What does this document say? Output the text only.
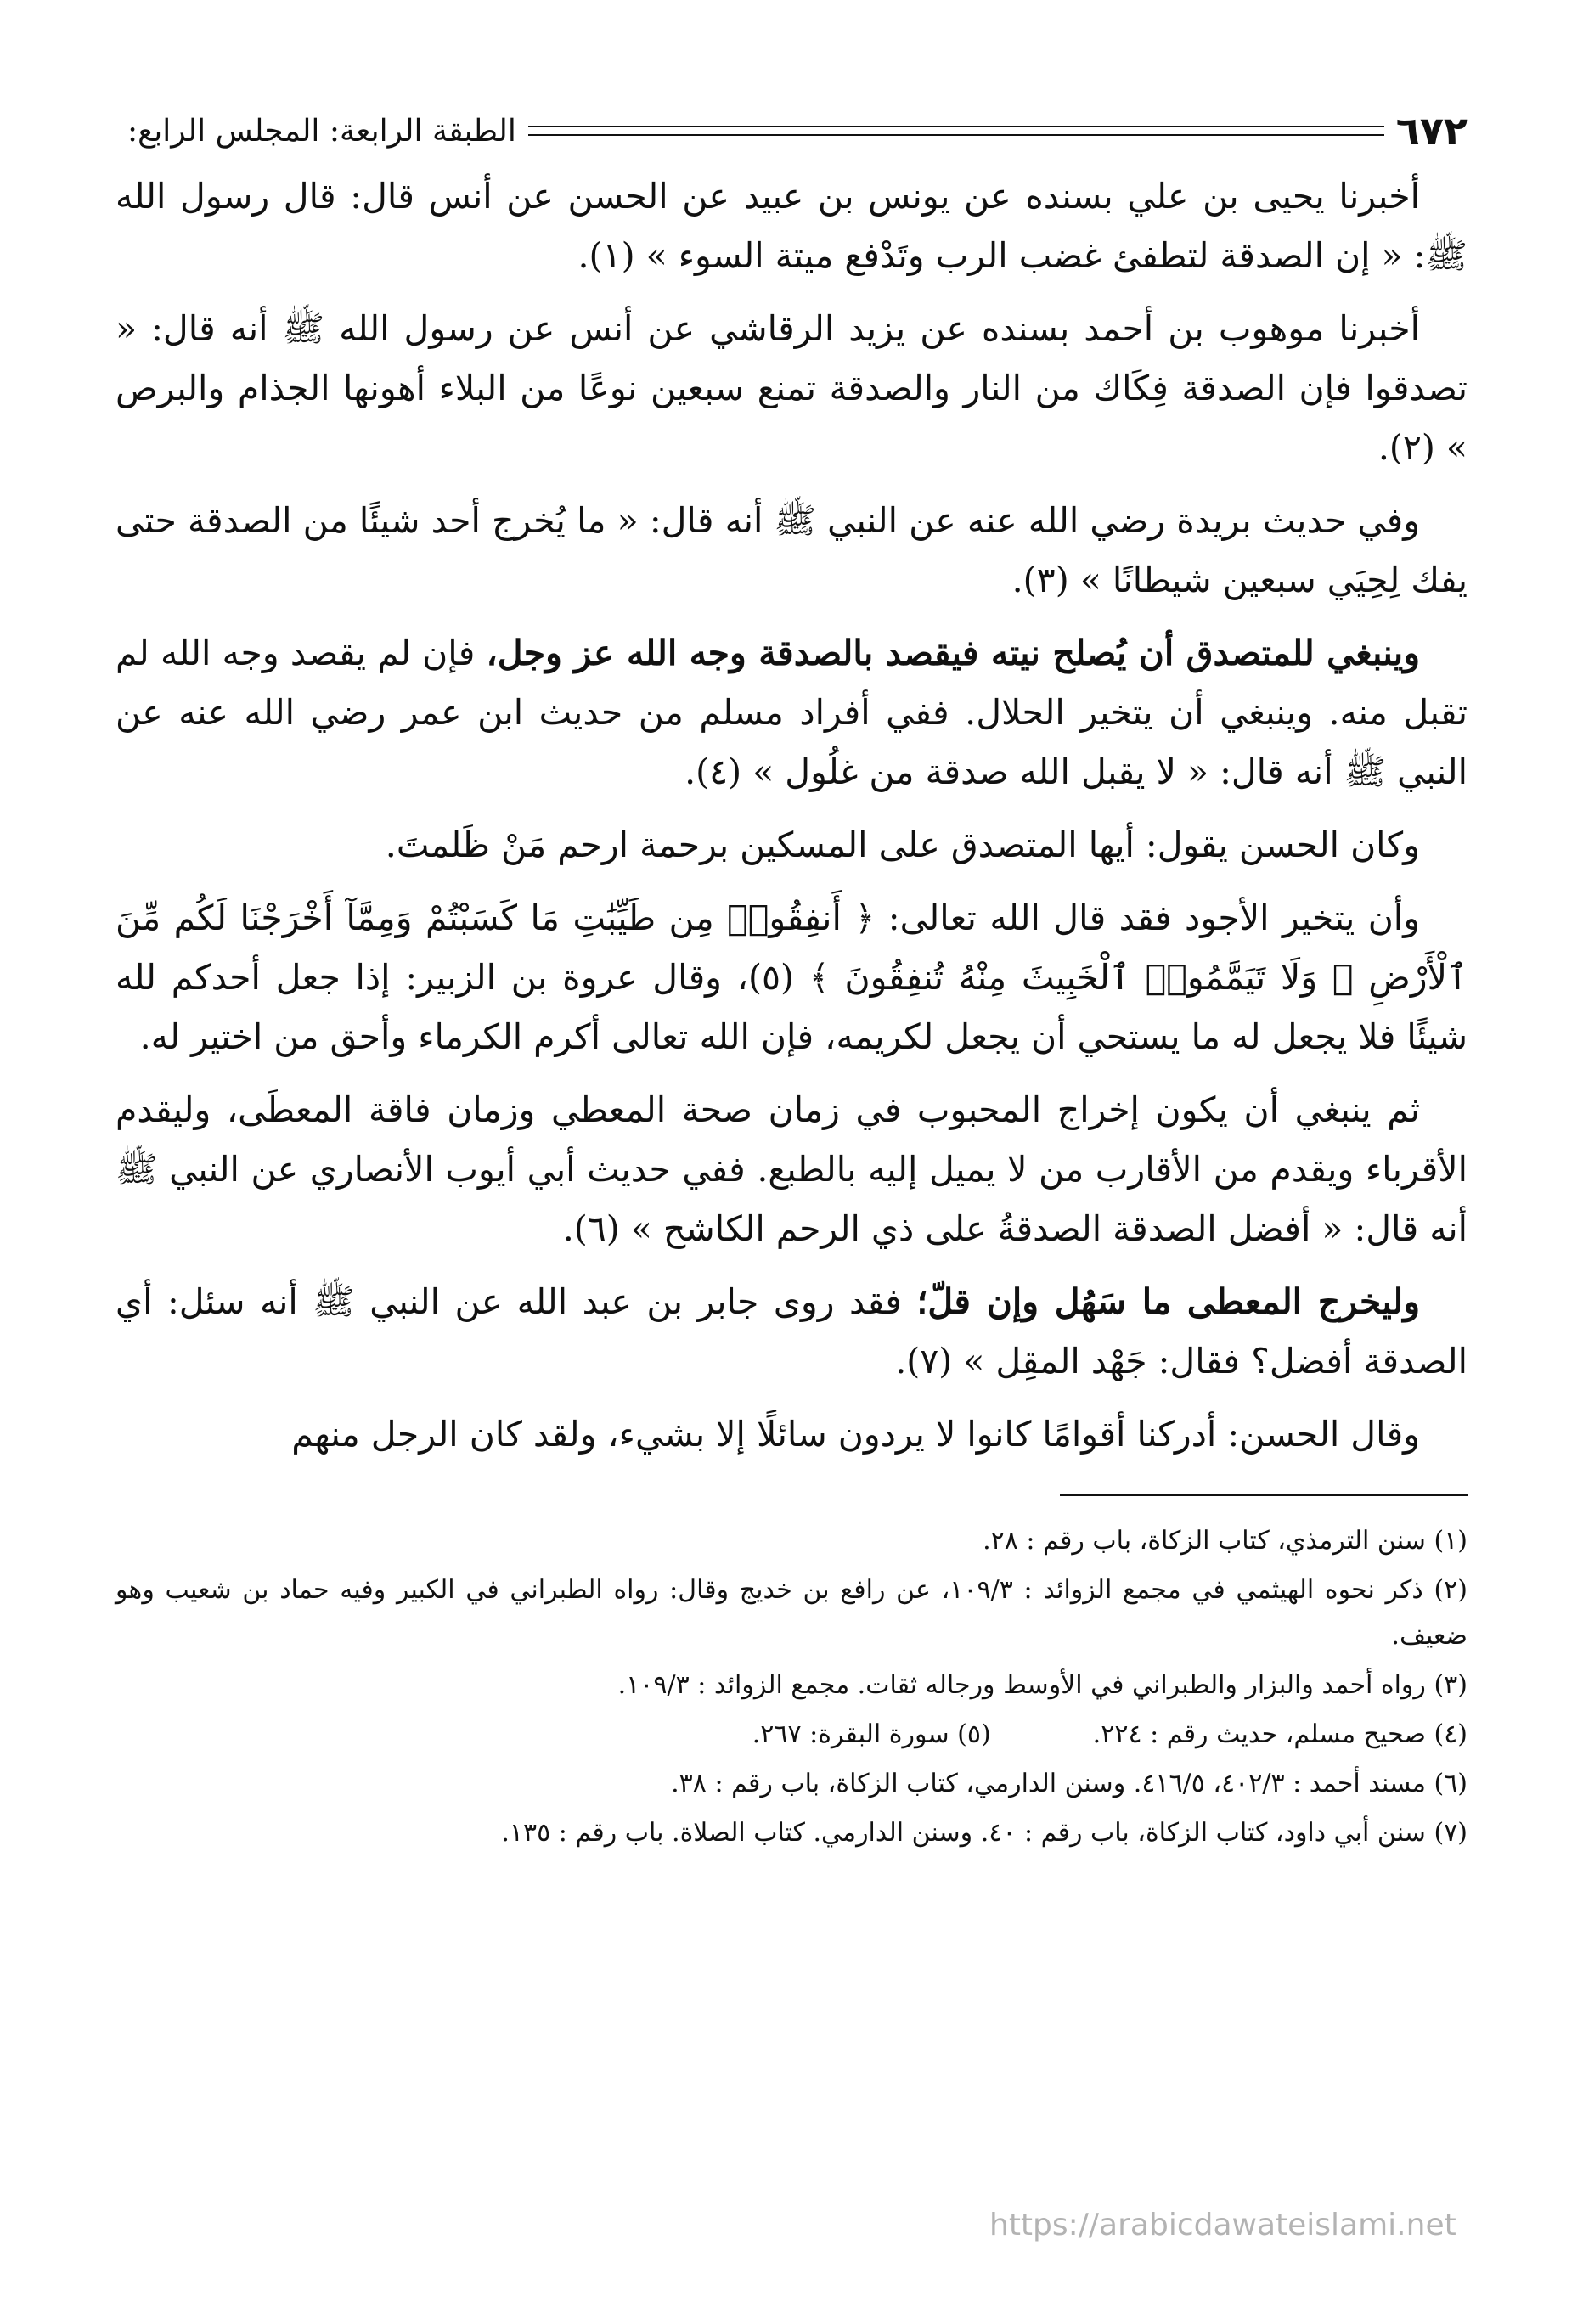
٦٧٢
الطبقة الرابعة: المجلس الرابع:

أخبرنا يحيى بن علي بسنده عن يونس بن عبيد عن الحسن عن أنس قال: قال رسول الله ﷺ: « إن الصدقة لتطفئ غضب الرب وتَدْفع ميتة السوء » (١).

أخبرنا موهوب بن أحمد بسنده عن يزيد الرقاشي عن أنس عن رسول الله ﷺ أنه قال: « تصدقوا فإن الصدقة فِكَاك من النار والصدقة تمنع سبعين نوعًا من البلاء أهونها الجذام والبرص » (٢).

وفي حديث بريدة رضي الله عنه عن النبي ﷺ أنه قال: « ما يُخرج أحد شيئًا من الصدقة حتى يفك لِحِيَي سبعين شيطانًا » (٣).

وينبغي للمتصدق أن يُصلح نيته فيقصد بالصدقة وجه الله عز وجل، فإن لم يقصد وجه الله لم تقبل منه. وينبغي أن يتخير الحلال. ففي أفراد مسلم من حديث ابن عمر رضي الله عنه عن النبي ﷺ أنه قال: « لا يقبل الله صدقة من غلُول » (٤).

وكان الحسن يقول: أيها المتصدق على المسكين برحمة ارحم مَنْ ظَلمتَ.

وأن يتخير الأجود فقد قال الله تعالى: ﴿ أَنفِقُوا۟ مِن طَيِّبَٰتِ مَا كَسَبْتُمْ وَمِمَّآ أَخْرَجْنَا لَكُم مِّنَ ٱلْأَرْضِ ۖ وَلَا تَيَمَّمُوا۟ ٱلْخَبِيثَ مِنْهُ تُنفِقُونَ ﴾ (٥)، وقال عروة بن الزبير: إذا جعل أحدكم لله شيئًا فلا يجعل له ما يستحي أن يجعل لكريمه، فإن الله تعالى أكرم الكرماء وأحق من اختير له.

ثم ينبغي أن يكون إخراج المحبوب في زمان صحة المعطي وزمان فاقة المعطَى، وليقدم الأقرباء ويقدم من الأقارب من لا يميل إليه بالطبع. ففي حديث أبي أيوب الأنصاري عن النبي ﷺ أنه قال: « أفضل الصدقة الصدقةُ على ذي الرحم الكاشح » (٦).

وليخرج المعطى ما سَهُل وإن قلّ؛ فقد روى جابر بن عبد الله عن النبي ﷺ أنه سئل: أي الصدقة أفضل؟ فقال: جَهْد المقِل » (٧).

وقال الحسن: أدركنا أقوامًا كانوا لا يردون سائلًا إلا بشيء، ولقد كان الرجل منهم

(١) سنن الترمذي، كتاب الزكاة، باب رقم : ٢٨.

(٢) ذكر نحوه الهيثمي في مجمع الزوائد : ١٠٩/٣، عن رافع بن خديج وقال: رواه الطبراني في الكبير وفيه حماد بن شعيب وهو ضعيف.

(٣) رواه أحمد والبزار والطبراني في الأوسط ورجاله ثقات. مجمع الزوائد : ١٠٩/٣.

(٤) صحيح مسلم، حديث رقم : ٢٢٤.
(٥) سورة البقرة: ٢٦٧.

(٦) مسند أحمد : ٤٠٢/٣، ٤١٦/٥. وسنن الدارمي، كتاب الزكاة، باب رقم : ٣٨.

(٧) سنن أبي داود، كتاب الزكاة، باب رقم : ٤٠. وسنن الدارمي. كتاب الصلاة. باب رقم : ١٣٥.

https://arabicdawateislami.net
